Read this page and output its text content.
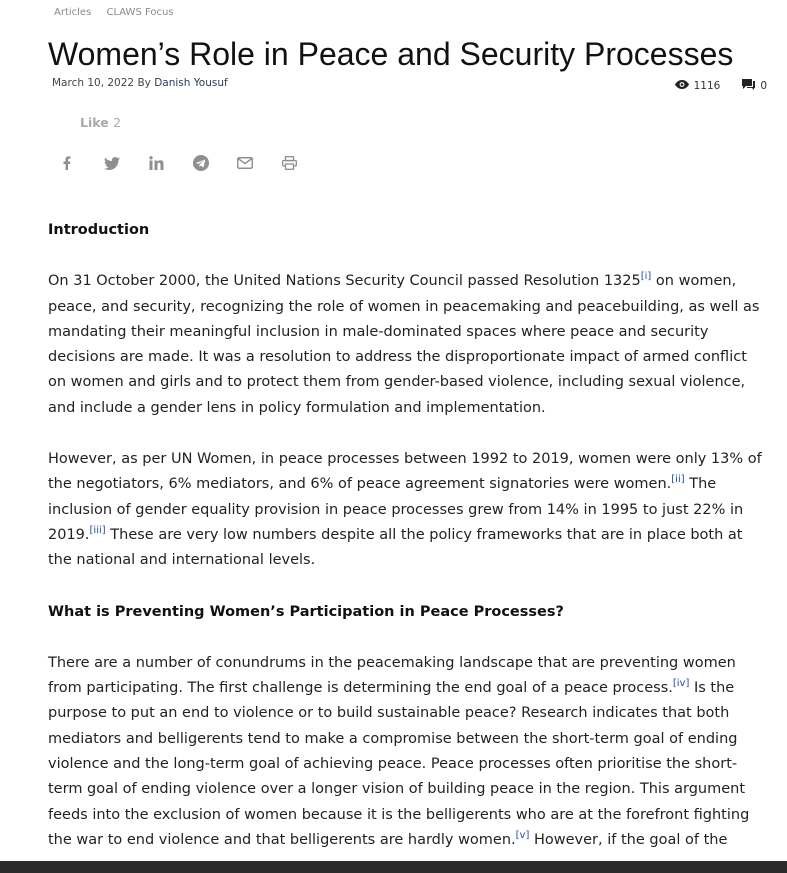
Articles CLAWS Focus
Women’s Role in Peace and Security Processes
March 10, 2022 By Danish Yousuf	1116	0
Like 2
Introduction

On 31 October 2000, the United Nations Security Council passed Resolution 1325[i] on women, peace, and security, recognizing the role of women in peacemaking and peacebuilding, as well as mandating their meaningful inclusion in male-dominated spaces where peace and security decisions are made. It was a resolution to address the disproportionate impact of armed conflict on women and girls and to protect them from gender-based violence, including sexual violence, and include a gender lens in policy formulation and implementation.

However, as per UN Women, in peace processes between 1992 to 2019, women were only 13% of the negotiators, 6% mediators, and 6% of peace agreement signatories were women.[ii] The inclusion of gender equality provision in peace processes grew from 14% in 1995 to just 22% in 2019.[iii] These are very low numbers despite all the policy frameworks that are in place both at the national and international levels.

What is Preventing Women’s Participation in Peace Processes?

There are a number of conundrums in the peacemaking landscape that are preventing women from participating. The first challenge is determining the end goal of a peace process.[iv] Is the purpose to put an end to violence or to build sustainable peace? Research indicates that both mediators and belligerents tend to make a compromise between the short-term goal of ending violence and the long-term goal of achieving peace. Peace processes often prioritise the short-term goal of ending violence over a longer vision of building peace in the region. This argument feeds into the exclusion of women because it is the belligerents who are at the forefront fighting the war to end violence and that belligerents are hardly women.[v] However, if the goal of the
